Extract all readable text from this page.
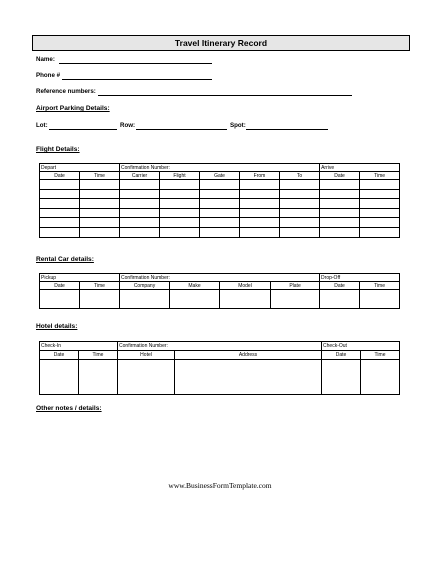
Travel Itinerary Record
Name:
Phone #
Reference numbers:
Airport Parking Details:
Lot:	Row:	Spot:
Flight Details:
Depart		Confirmation Number:					Arrive	
Date	Time	Carrier	Flight	Gate	From	To	Date	Time

Rental Car details:
Pickup		Confirmation Number:				Drop-Off	
Date	Time	Company	Make	Model	Plate	Date	Time

Hotel details:
Check-In		Confirmation Number:		Check-Out	
Date	Time	Hotel	Address	Date	Time

Other notes / details:
www.BusinessFormTemplate.com
